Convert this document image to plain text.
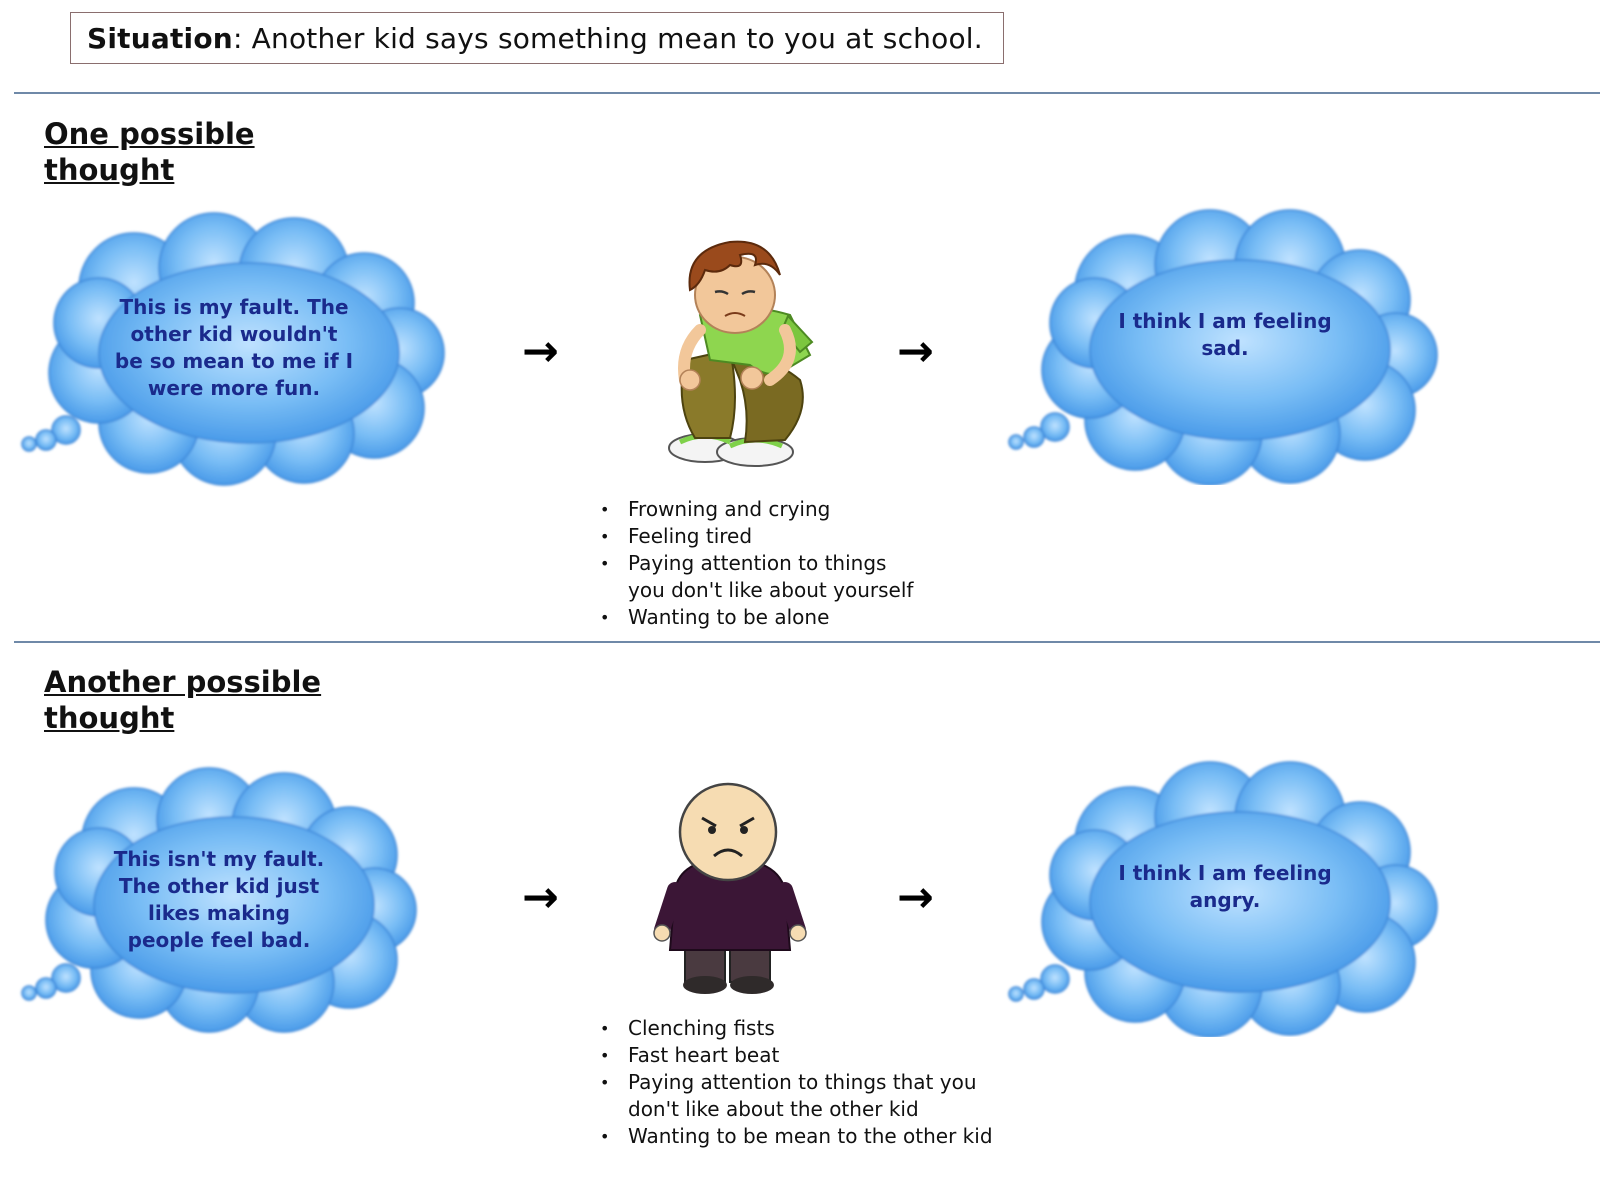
Situation : Another kid says something mean to you at school.
One possible
thought
This is my fault. The other kid wouldn't be so mean to me if I were more fun.
→	→
I think I am feeling sad.
• Frowning and crying
• Feeling tired
• Paying attention to things you don't like about yourself
• Wanting to be alone
Another possible
thought
This isn't my fault. The other kid just likes making people feel bad.
→	→	I think I am feeling angry.
• Clenching fists
• Fast heart beat
• Paying attention to things that you don't like about the other kid
• Wanting to be mean to the other kid
